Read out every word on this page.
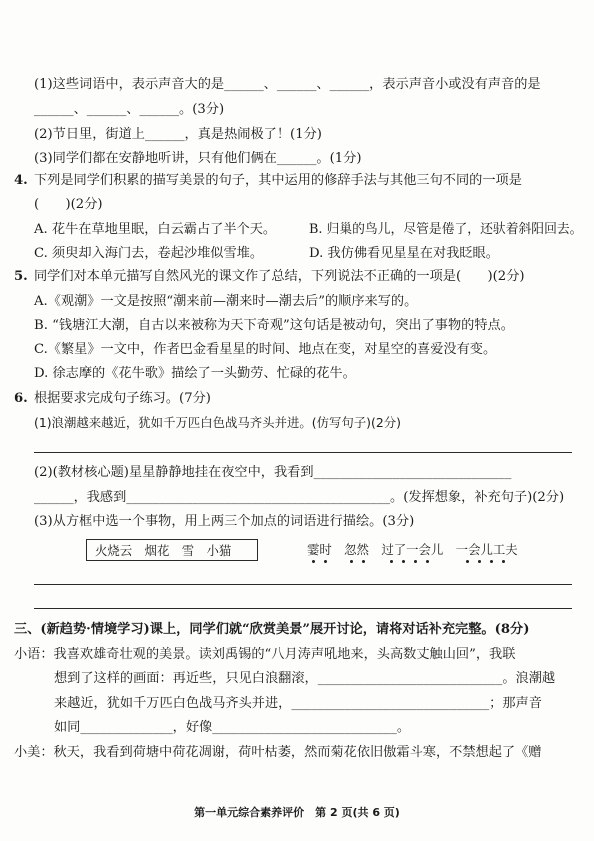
(1)这些词语中，表示声音大的是______、______、______，表示声音小或没有声音的是
______、______、______。(3分)
(2)节日里，街道上______，真是热闹极了！(1分)
(3)同学们都在安静地听讲，只有他们俩在______。(1分)
4. 下列是同学们积累的描写美景的句子，其中运用的修辞手法与其他三句不同的一项是
(　　)(2分)
A. 花牛在草地里眠，白云霸占了半个天。	B. 归巢的鸟儿，尽管是倦了，还驮着斜阳回去。
C. 须臾却入海门去，卷起沙堆似雪堆。	D. 我仿佛看见星星在对我眨眼。
5. 同学们对本单元描写自然风光的课文作了总结，下列说法不正确的一项是(　　)(2分)
A.《观潮》一文是按照“潮来前—潮来时—潮去后”的顺序来写的。
B. “钱塘江大潮，自古以来被称为天下奇观”这句话是被动句，突出了事物的特点。
C.《繁星》一文中，作者巴金看星星的时间、地点在变，对星空的喜爱没有变。
D. 徐志摩的《花牛歌》描绘了一头勤劳、忙碌的花牛。
6. 根据要求完成句子练习。(7分)
(1)浪潮越来越近，犹如千万匹白色战马齐头并进。(仿写句子)(2分)
(2)(教材核心题)星星静静地挂在夜空中，我看到______________________________
______，我感到________________________________________。(发挥想象，补充句子)(2分)
(3)从方框中选一个事物，用上两三个加点的词语进行描绘。(3分)
火烧云　烟花　雪　小猫	霎时　忽然　过了一会儿　一会儿工夫
三、(新趋势·情境学习)课上，同学们就“欣赏美景”展开讨论，请将对话补充完整。(8分)
小语：我喜欢雄奇壮观的美景。读刘禹锡的“八月涛声吼地来，头高数丈触山回”，我联
想到了这样的画面：再近些，只见白浪翻滚，____________________________。浪潮越
来越近，犹如千万匹白色战马齐头并进，______________________________；那声音
如同______________，好像____________________________。
小美：秋天，我看到荷塘中荷花凋谢，荷叶枯萎，然而菊花依旧傲霜斗寒，不禁想起了《赠
第一单元综合素养评价　第 2 页(共 6 页)
